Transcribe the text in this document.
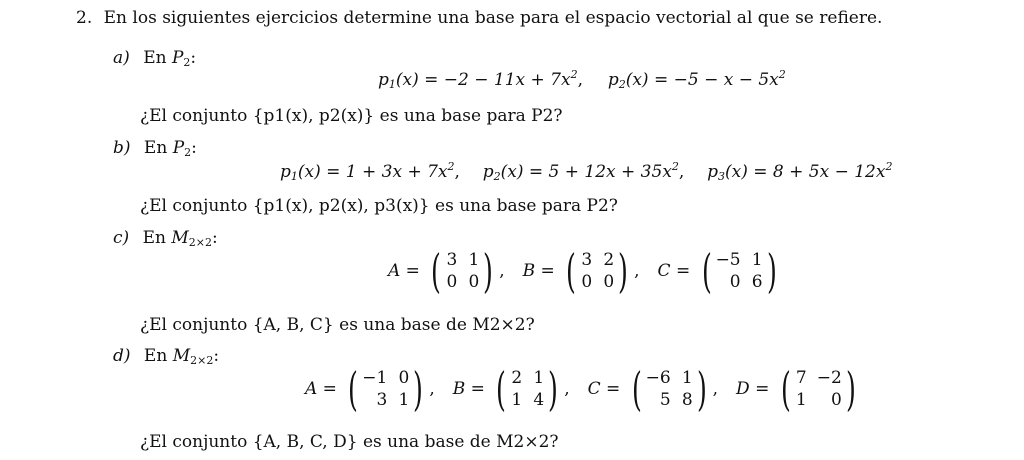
2. En los siguientes ejercicios determine una base para el espacio vectorial al que se refiere.
a) En $P_2$:
$p_1(x) = -2 - 11x + 7x^2$, $p_2(x) = -5 - x - 5x^2$
¿El conjunto {p1(x), p2(x)} es una base para P2?
b) En $P_2$:
$p_1(x) = 1 + 3x + 7x^2$, $p_2(x) = 5 + 12x + 35x^2$, $p_3(x) = 8 + 5x - 12x^2$
¿El conjunto {p1(x), p2(x), p3(x)} es una base para P2?
c) En $M_{2\times 2}$:
A = ( 3 1
0 0 ) , B = ( 3 2
0 0 ) , C = ( −5 1
0 6 )
¿El conjunto {A, B, C} es una base de M2×2?
d) En $M_{2\times 2}$:
A = ( −1 0
3 1 ) , B = ( 2 1
1 4 ) , C = ( −6 1
5 8 ) , D = ( 7 −2
1	0 )
¿El conjunto {A, B, C, D} es una base de M2×2?
